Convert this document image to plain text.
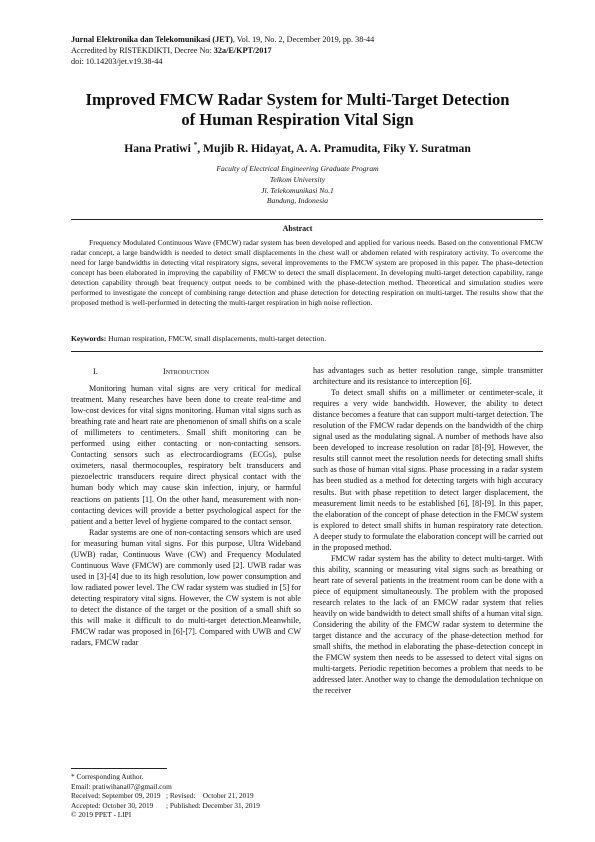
Jurnal Elektronika dan Telekomunikasi (JET), Vol. 19, No. 2, December 2019, pp. 38-44
Accredited by RISTEKDIKTI, Decree No: 32a/E/KPT/2017
doi: 10.14203/jet.v19.38-44
Improved FMCW Radar System for Multi-Target Detection
of Human Respiration Vital Sign
Hana Pratiwi *, Mujib R. Hidayat, A. A. Pramudita, Fiky Y. Suratman
Faculty of Electrical Engineering Graduate Program
Telkom University
Jl. Telekomunikasi No.1
Bandung, Indonesia
Abstract

Frequency Modulated Continuous Wave (FMCW) radar system has been developed and applied for various needs. Based on the conventional FMCW radar concept, a large bandwidth is needed to detect small displacements in the chest wall or abdomen related with respiratory activity. To overcome the need for large bandwidths in detecting vital respiratory signs, several improvements to the FMCW system are proposed in this paper. The phase-detection concept has been elaborated in improving the capability of FMCW to detect the small displacement. In developing multi-target detection capability, range detection capability through beat frequency output needs to be combined with the phase-detection method. Theoretical and simulation studies were performed to investigate the concept of combining range detection and phase detection for detecting respiration on multi-target. The results show that the proposed method is well-performed in detecting the multi-target respiration in high noise reflection.

Keywords: Human respiration, FMCW, small displacements, multi-target detection.
I.	Introduction

Monitoring human vital signs are very critical for medical treatment. Many researches have been done to create real-time and low-cost devices for vital signs monitoring. Human vital signs such as breathing rate and heart rate are phenomenon of small shifts on a scale of millimeters to centimeters. Small shift monitoring can be performed using either contacting or non-contacting sensors. Contacting sensors such as electrocardiograms (ECGs), pulse oximeters, nasal thermocouples, respiratory belt transducers and piezoelectric transducers require direct physical contact with the human body which may cause skin infection, injury, or harmful reactions on patients [1]. On the other hand, measurement with non-contacting devices will provide a better psychological aspect for the patient and a better level of hygiene compared to the contact sensor.

Radar systems are one of non-contacting sensors which are used for measuring human vital signs. For this purpose, Ultra Wideband (UWB) radar, Continuous Wave (CW) and Frequency Modulated Continuous Wave (FMCW) are commonly used [2]. UWB radar was used in [3]-[4] due to its high resolution, low power consumption and low radiated power level. The CW radar system was studied in [5] for detecting respiratory vital signs. However, the CW system is not able to detect the distance of the target or the position of a small shift so this will make it difficult to do multi-target detection.Meanwhile, FMCW radar was proposed in [6]-[7]. Compared with UWB and CW radars, FMCW radar

has advantages such as better resolution range, simple transmitter architecture and its resistance to interception [6].

To detect small shifts on a millimeter or centimeter-scale, it requires a very wide bandwidth. However, the ability to detect distance becomes a feature that can support multi-target detection. The resolution of the FMCW radar depends on the bandwidth of the chirp signal used as the modulating signal. A number of methods have also been developed to increase resolution on radar [8]-[9]. However, the results still cannot meet the resolution needs for detecting small shifts such as those of human vital signs. Phase processing in a radar system has been studied as a method for detecting targets with high accuracy results. But with phase repetition to detect larger displacement, the measurement limit needs to be established [6], [8]-[9]. In this paper, the elaboration of the concept of phase detection in the FMCW system is explored to detect small shifts in human respiratory rate detection. A deeper study to formulate the elaboration concept will be carried out in the proposed method.

FMCW radar system has the ability to detect multi-target. With this ability, scanning or measuring vital signs such as breathing or heart rate of several patients in the treatment room can be done with a piece of equipment simultaneously. The problem with the proposed research relates to the lack of an FMCW radar system that relies heavily on wide bandwidth to detect small shifts of a human vital sign. Considering the ability of the FMCW radar system to determine the target distance and the accuracy of the phase-detection method for small shifts, the method in elaborating the phase-detection concept in the FMCW system then needs to be assessed to detect vital signs on multi-targets. Periodic repetition becomes a problem that needs to be addressed later. Another way to change the demodulation technique on the receiver

* Corresponding Author.
Email: pratiwihana07@gmail.com
Received: September 09, 2019   ; Revised:    October 21, 2019
Accepted: October 30, 2019       ; Published: December 31, 2019
© 2019 PPET - LIPI
